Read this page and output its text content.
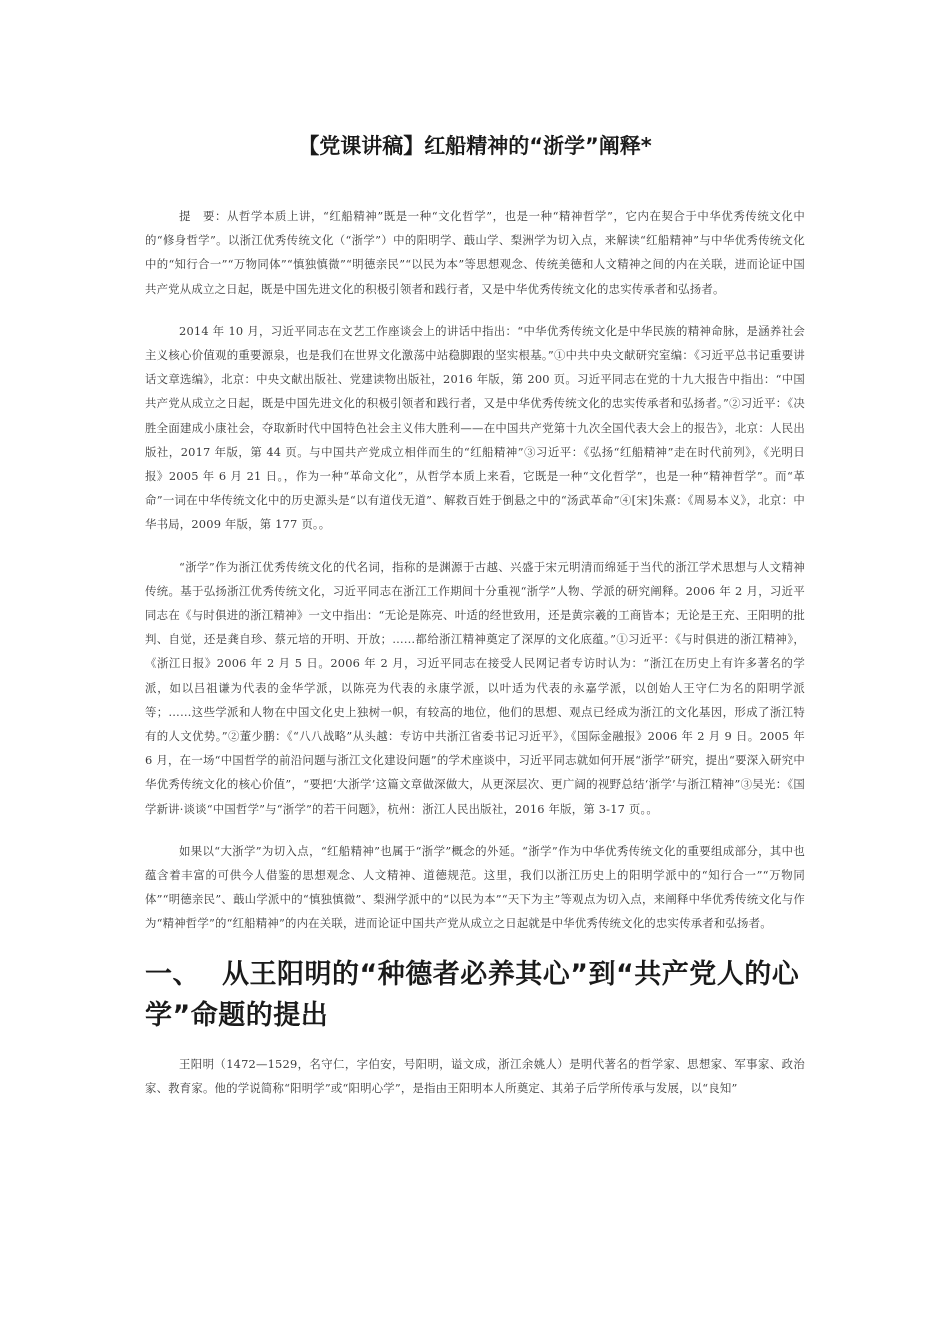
【党课讲稿】红船精神的“浙学”阐释*

提　要：从哲学本质上讲，“红船精神”既是一种“文化哲学”，也是一种“精神哲学”，它内在契合于中华优秀传统文化中的“修身哲学”。以浙江优秀传统文化（“浙学”）中的阳明学、蕺山学、梨洲学为切入点，来解读“红船精神”与中华优秀传统文化中的“知行合一”“万物同体”“慎独慎微”“明德亲民”“以民为本”等思想观念、传统美德和人文精神之间的内在关联，进而论证中国共产党从成立之日起，既是中国先进文化的积极引领者和践行者，又是中华优秀传统文化的忠实传承者和弘扬者。

2014 年 10 月，习近平同志在文艺工作座谈会上的讲话中指出：“中华优秀传统文化是中华民族的精神命脉，是涵养社会主义核心价值观的重要源泉，也是我们在世界文化激荡中站稳脚跟的坚实根基。”①中共中央文献研究室编：《习近平总书记重要讲话文章选编》，北京：中央文献出版社、党建读物出版社，2016 年版，第 200 页。习近平同志在党的十九大报告中指出：“中国共产党从成立之日起，既是中国先进文化的积极引领者和践行者，又是中华优秀传统文化的忠实传承者和弘扬者。”②习近平：《决胜全面建成小康社会，夺取新时代中国特色社会主义伟大胜利——在中国共产党第十九次全国代表大会上的报告》，北京：人民出版社，2017 年版，第 44 页。与中国共产党成立相伴而生的“红船精神”③习近平：《弘扬“红船精神”走在时代前列》，《光明日报》2005 年 6 月 21 日。，作为一种“革命文化”，从哲学本质上来看，它既是一种“文化哲学”，也是一种“精神哲学”。而“革命”一词在中华传统文化中的历史源头是“以有道伐无道”、解救百姓于倒悬之中的“汤武革命”④[宋]朱熹：《周易本义》，北京：中华书局，2009 年版，第 177 页。。

“浙学”作为浙江优秀传统文化的代名词，指称的是渊源于古越、兴盛于宋元明清而绵延于当代的浙江学术思想与人文精神传统。基于弘扬浙江优秀传统文化，习近平同志在浙江工作期间十分重视“浙学”人物、学派的研究阐释。2006 年 2 月，习近平同志在《与时俱进的浙江精神》一文中指出：“无论是陈亮、叶适的经世致用，还是黄宗羲的工商皆本；无论是王充、王阳明的批判、自觉，还是龚自珍、蔡元培的开明、开放；……都给浙江精神奠定了深厚的文化底蕴。”①习近平：《与时俱进的浙江精神》，《浙江日报》2006 年 2 月 5 日。2006 年 2 月，习近平同志在接受人民网记者专访时认为：“浙江在历史上有许多著名的学派，如以吕祖谦为代表的金华学派，以陈亮为代表的永康学派，以叶适为代表的永嘉学派，以创始人王守仁为名的阳明学派等；……这些学派和人物在中国文化史上独树一帜，有较高的地位，他们的思想、观点已经成为浙江的文化基因，形成了浙江特有的人文优势。”②董少鹏：《“八八战略”从头越：专访中共浙江省委书记习近平》，《国际金融报》2006 年 2 月 9 日。2005 年 6 月，在一场“中国哲学的前沿问题与浙江文化建设问题”的学术座谈中，习近平同志就如何开展“浙学”研究，提出“要深入研究中华优秀传统文化的核心价值”，“要把‘大浙学’这篇文章做深做大，从更深层次、更广阔的视野总结‘浙学’与浙江精神”③吴光：《国学新讲·谈谈“中国哲学”与“浙学”的若干问题》，杭州：浙江人民出版社，2016 年版，第 3-17 页。。

如果以“大浙学”为切入点，“红船精神”也属于“浙学”概念的外延。“浙学”作为中华优秀传统文化的重要组成部分，其中也蕴含着丰富的可供今人借鉴的思想观念、人文精神、道德规范。这里，我们以浙江历史上的阳明学派中的“知行合一”“万物同体”“明德亲民”、蕺山学派中的“慎独慎微”、梨洲学派中的“以民为本”“天下为主”等观点为切入点，来阐释中华优秀传统文化与作为“精神哲学”的“红船精神”的内在关联，进而论证中国共产党从成立之日起就是中华优秀传统文化的忠实传承者和弘扬者。

一、 从王阳明的“种德者必养其心”到“共产党人的心学”命题的提出

王阳明（1472—1529，名守仁，字伯安，号阳明，谥文成，浙江余姚人）是明代著名的哲学家、思想家、军事家、政治家、教育家。他的学说简称“阳明学”或“阳明心学”，是指由王阳明本人所奠定、其弟子后学所传承与发展，以“良知”
